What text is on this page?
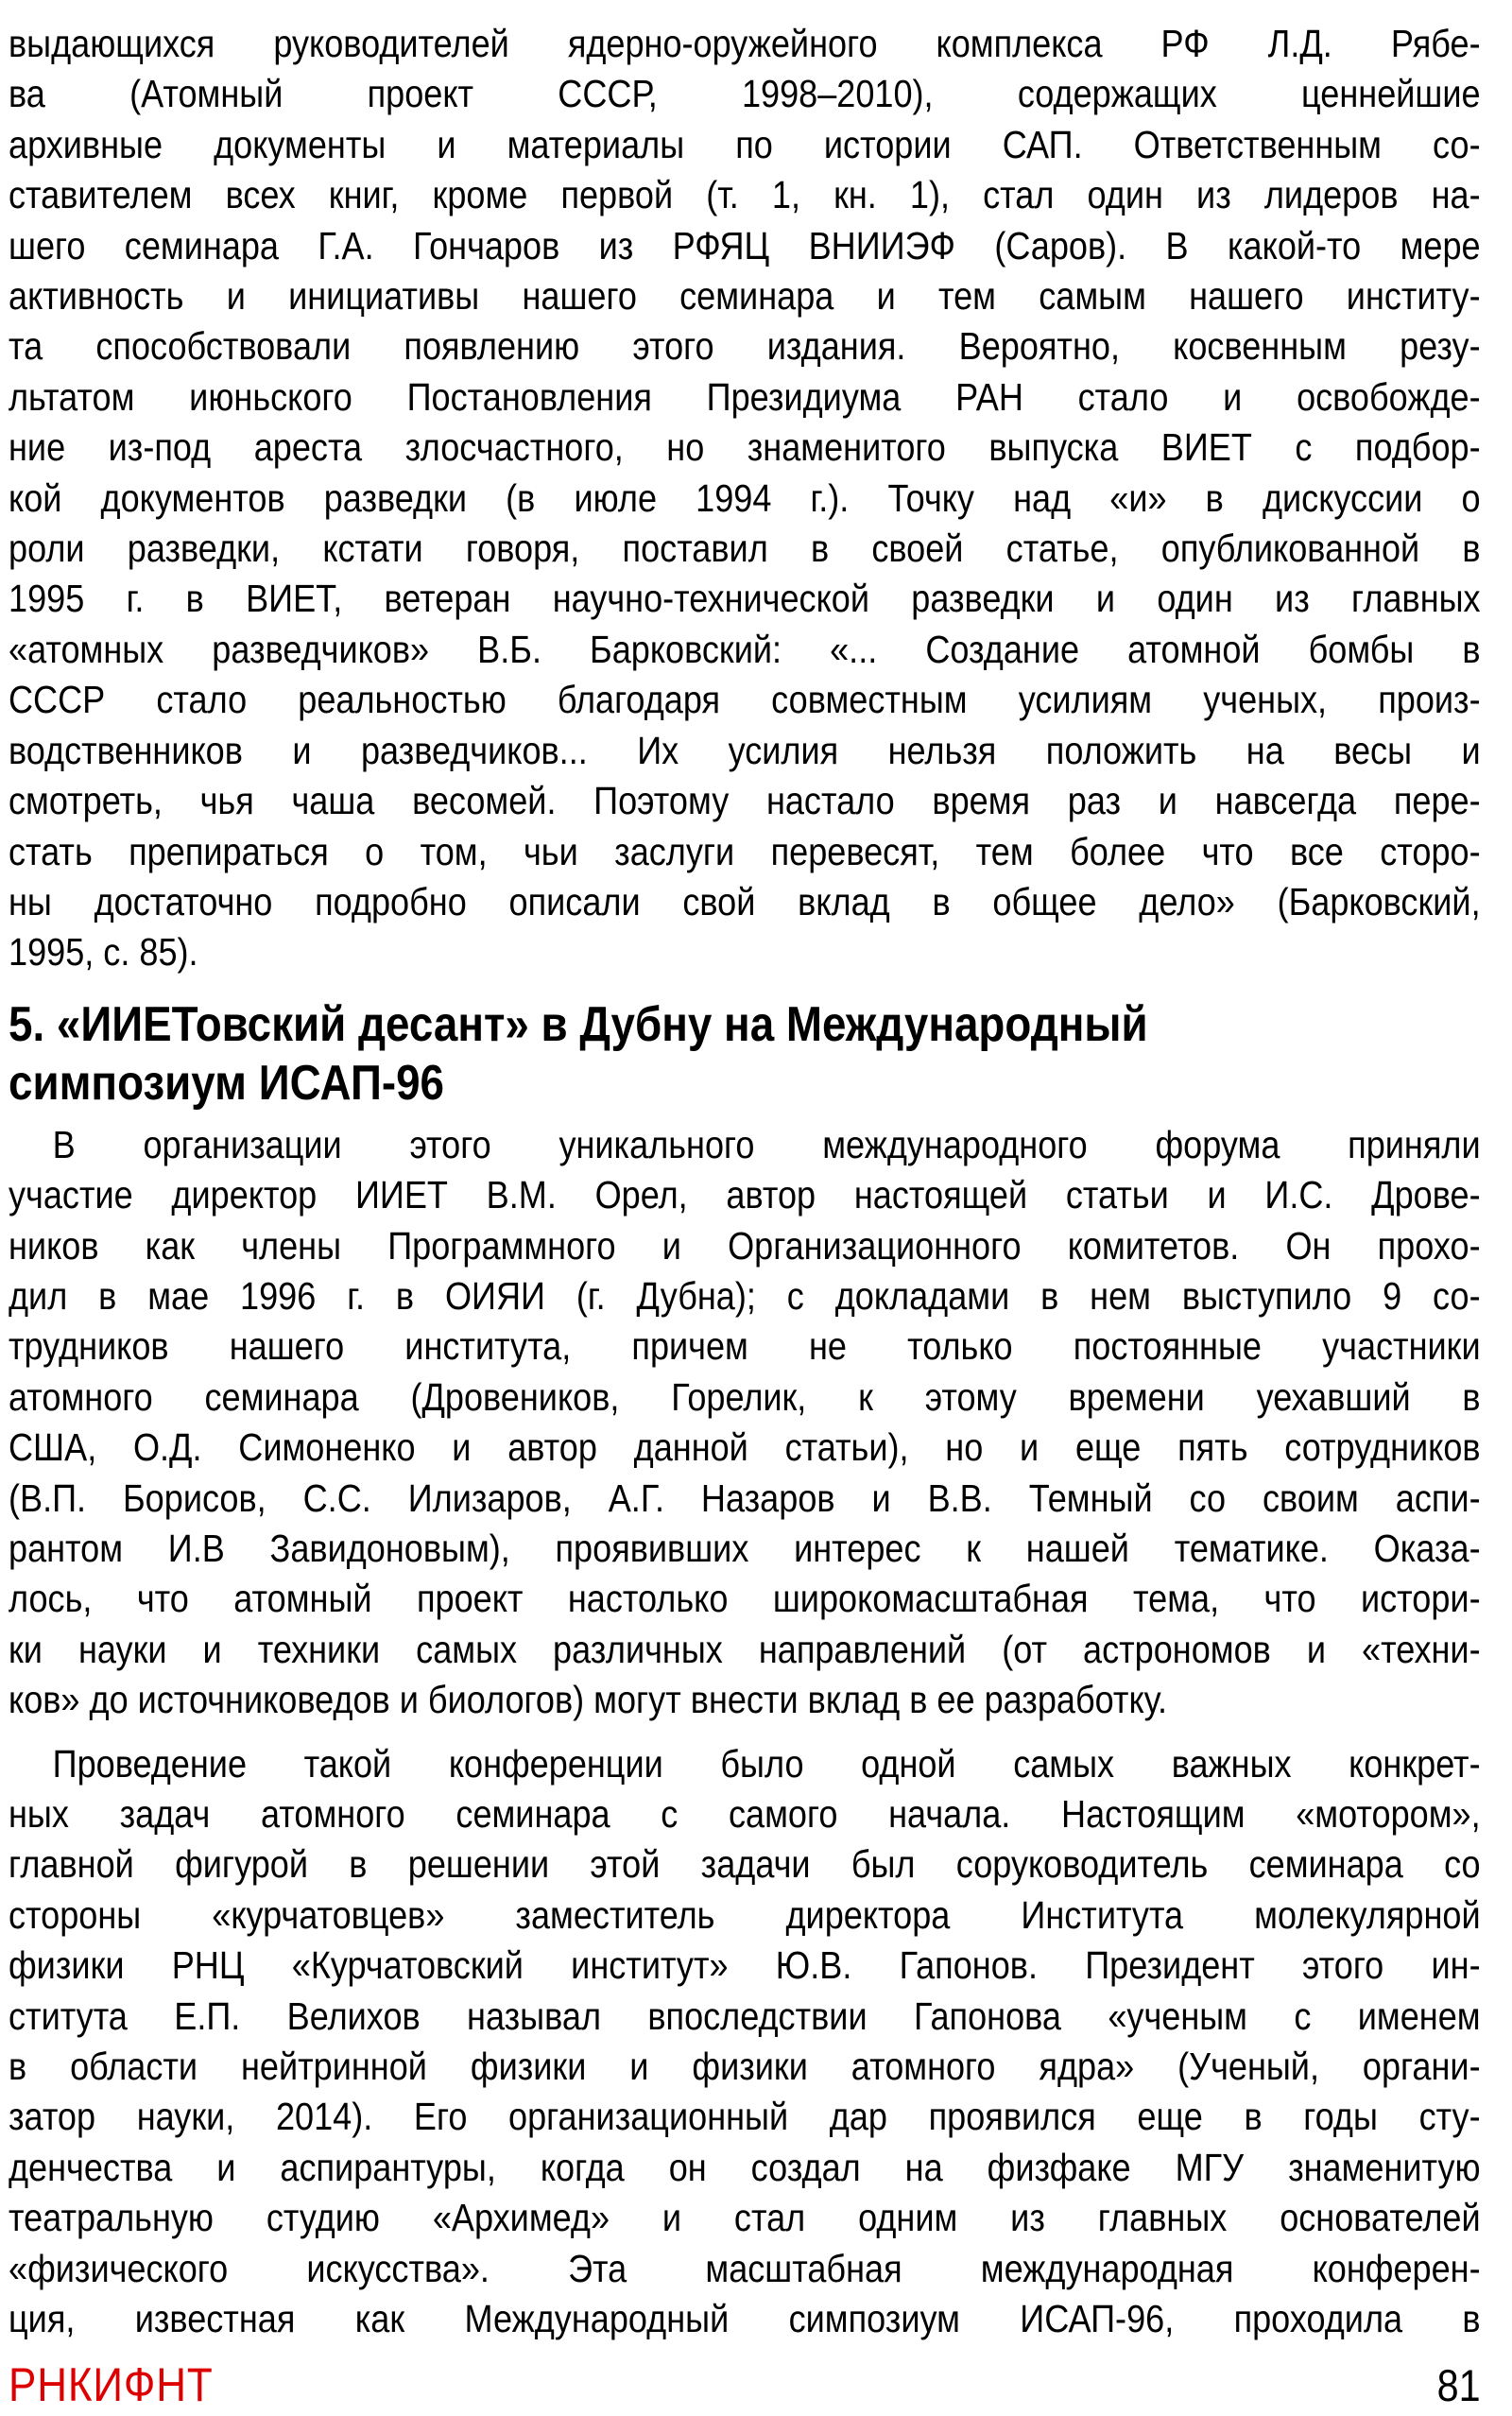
выдающихся руководителей ядерно-оружейного комплекса РФ Л.Д. Рябе-
ва (Атомный проект СССР, 1998–2010), содержащих ценнейшие
архивные документы и материалы по истории САП. Ответственным со-
ставителем всех книг, кроме первой (т. 1, кн. 1), стал один из лидеров на-
шего семинара Г.А. Гончаров из РФЯЦ ВНИИЭФ (Саров). В какой-то мере
активность и инициативы нашего семинара и тем самым нашего институ-
та способствовали появлению этого издания. Вероятно, косвенным резу-
льтатом июньского Постановления Президиума РАН стало и освобожде-
ние из-под ареста злосчастного, но знаменитого выпуска ВИЕТ с подбор-
кой документов разведки (в июле 1994 г.). Точку над «и» в дискуссии о
роли разведки, кстати говоря, поставил в своей статье, опубликованной в
1995 г. в ВИЕТ, ветеран научно-технической разведки и один из главных
«атомных разведчиков» В.Б. Барковский: «... Создание атомной бомбы в
СССР стало реальностью благодаря совместным усилиям ученых, произ-
водственников и разведчиков... Их усилия нельзя положить на весы и
смотреть, чья чаша весомей. Поэтому настало время раз и навсегда пере-
стать препираться о том, чьи заслуги перевесят, тем более что все сторо-
ны достаточно подробно описали свой вклад в общее дело» (Барковский,
1995, с. 85).
5. «ИИЕТовский десант» в Дубну на Международный
симпозиум ИСАП-96
В организации этого уникального международного форума приняли
участие директор ИИЕТ В.М. Орел, автор настоящей статьи и И.С. Дрове-
ников как члены Программного и Организационного комитетов. Он прохо-
дил в мае 1996 г. в ОИЯИ (г. Дубна); с докладами в нем выступило 9 со-
трудников нашего института, причем не только постоянные участники
атомного семинара (Дровеников, Горелик, к этому времени уехавший в
США, О.Д. Симоненко и автор данной статьи), но и еще пять сотрудников
(В.П. Борисов, С.С. Илизаров, А.Г. Назаров и В.В. Темный со своим аспи-
рантом И.В Завидоновым), проявивших интерес к нашей тематике. Оказа-
лось, что атомный проект настолько широкомасштабная тема, что истори-
ки науки и техники самых различных направлений (от астрономов и «техни-
ков» до источниковедов и биологов) могут внести вклад в ее разработку.
Проведение такой конференции было одной самых важных конкрет-
ных задач атомного семинара с самого начала. Настоящим «мотором»,
главной фигурой в решении этой задачи был соруководитель семинара со
стороны «курчатовцев» заместитель директора Института молекулярной
физики РНЦ «Курчатовский институт» Ю.В. Гапонов. Президент этого ин-
ститута Е.П. Велихов называл впоследствии Гапонова «ученым с именем
в области нейтринной физики и физики атомного ядра» (Ученый, органи-
затор науки, 2014). Его организационный дар проявился еще в годы сту-
денчества и аспирантуры, когда он создал на физфаке МГУ знаменитую
театральную студию «Архимед» и стал одним из главных основателей
«физического искусства». Эта масштабная международная конферен-
ция, известная как Международный симпозиум ИСАП-96, проходила в
РНКИФНТ	81
